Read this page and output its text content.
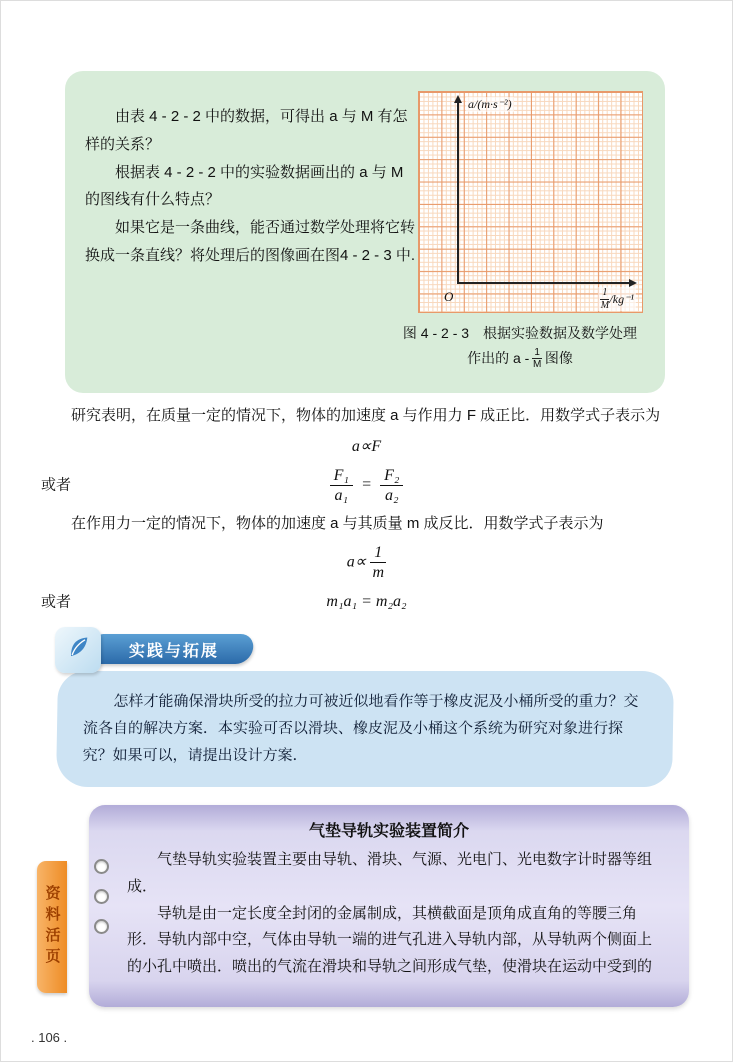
由表 4 - 2 - 2 中的数据，可得出 a 与 M 有怎样的关系？

根据表 4 - 2 - 2 中的实验数据画出的 a 与 M 的图线有什么特点？

如果它是一条曲线，能否通过数学处理将它转换成一条直线？将处理后的图像画在图4 - 2 - 3 中.

a/(m·s⁻²)
O	1
M /kg⁻¹
图 4 - 2 - 3　根据实验数据及数学处理
作出的 a - 1
M 图像

研究表明，在质量一定的情况下，物体的加速度 a 与作用力 F 成正比．用数学式子表示为

a∝F
或者	$\frac{\text{F₁}}{\text{a₁}} = \frac{\text{F₂}}{\text{a₂}}$

在作用力一定的情况下，物体的加速度 a 与其质量 m 成反比．用数学式子表示为

$a\propto \frac{1}{m}$
或者	m₁a₁ = m₂a₂
实践与拓展

怎样才能确保滑块所受的拉力可被近似地看作等于橡皮泥及小桶所受的重力？交流各自的解决方案．本实验可否以滑块、橡皮泥及小桶这个系统为研究对象进行探究？如果可以，请提出设计方案．

资料活页

气垫导轨实验装置简介

气垫导轨实验装置主要由导轨、滑块、气源、光电门、光电数字计时器等组成．

导轨是由一定长度全封闭的金属制成，其横截面是顶角成直角的等腰三角形．导轨内部中空，气体由导轨一端的进气孔进入导轨内部，从导轨两个侧面上的小孔中喷出．喷出的气流在滑块和导轨之间形成气垫，使滑块在运动中受到的

. 106 .
